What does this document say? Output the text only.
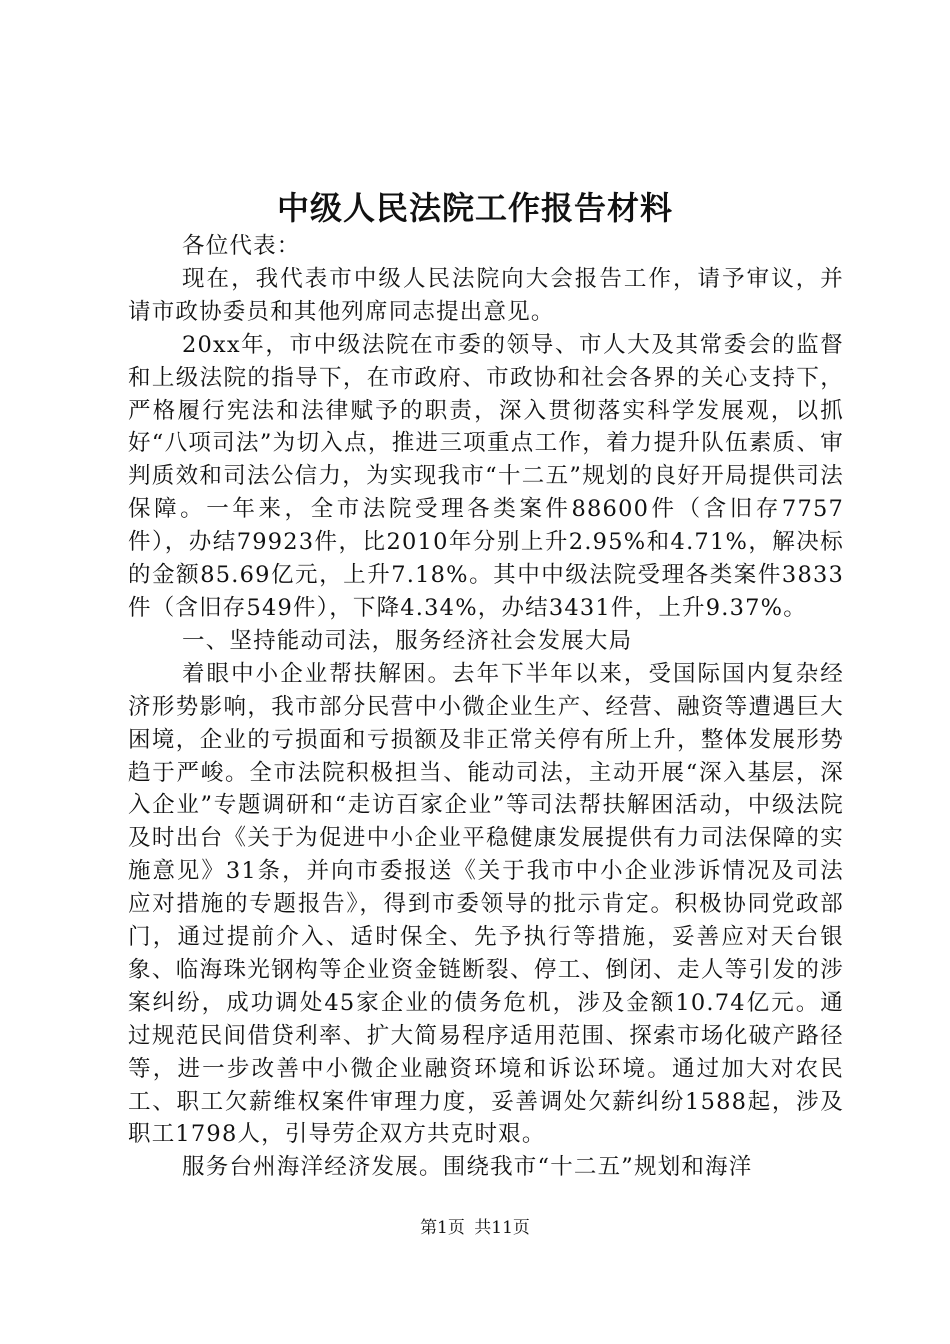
中级人民法院工作报告材料

各位代表：

现在，我代表市中级人民法院向大会报告工作，请予审议，并请市政协委员和其他列席同志提出意见。

20xx年，市中级法院在市委的领导、市人大及其常委会的监督和上级法院的指导下，在市政府、市政协和社会各界的关心支持下，严格履行宪法和法律赋予的职责，深入贯彻落实科学发展观，以抓好“八项司法”为切入点，推进三项重点工作，着力提升队伍素质、审判质效和司法公信力，为实现我市“十二五”规划的良好开局提供司法保障。一年来，全市法院受理各类案件88600件（含旧存7757件），办结79923件，比2010年分别上升2.95%和4.71%，解决标的金额85.69亿元，上升7.18%。其中中级法院受理各类案件3833件（含旧存549件），下降4.34%，办结3431件，上升9.37%。

一、坚持能动司法，服务经济社会发展大局

着眼中小企业帮扶解困。去年下半年以来，受国际国内复杂经济形势影响，我市部分民营中小微企业生产、经营、融资等遭遇巨大困境，企业的亏损面和亏损额及非正常关停有所上升，整体发展形势趋于严峻。全市法院积极担当、能动司法，主动开展“深入基层，深入企业”专题调研和“走访百家企业”等司法帮扶解困活动，中级法院及时出台《关于为促进中小企业平稳健康发展提供有力司法保障的实施意见》31条，并向市委报送《关于我市中小企业涉诉情况及司法应对措施的专题报告》，得到市委领导的批示肯定。积极协同党政部门，通过提前介入、适时保全、先予执行等措施，妥善应对天台银象、临海珠光钢构等企业资金链断裂、停工、倒闭、走人等引发的涉案纠纷，成功调处45家企业的债务危机，涉及金额10.74亿元。通过规范民间借贷利率、扩大简易程序适用范围、探索市场化破产路径等，进一步改善中小微企业融资环境和诉讼环境。通过加大对农民工、职工欠薪维权案件审理力度，妥善调处欠薪纠纷1588起，涉及职工1798人，引导劳企双方共克时艰。

服务台州海洋经济发展。围绕我市“十二五”规划和海洋

第1页 共11页
